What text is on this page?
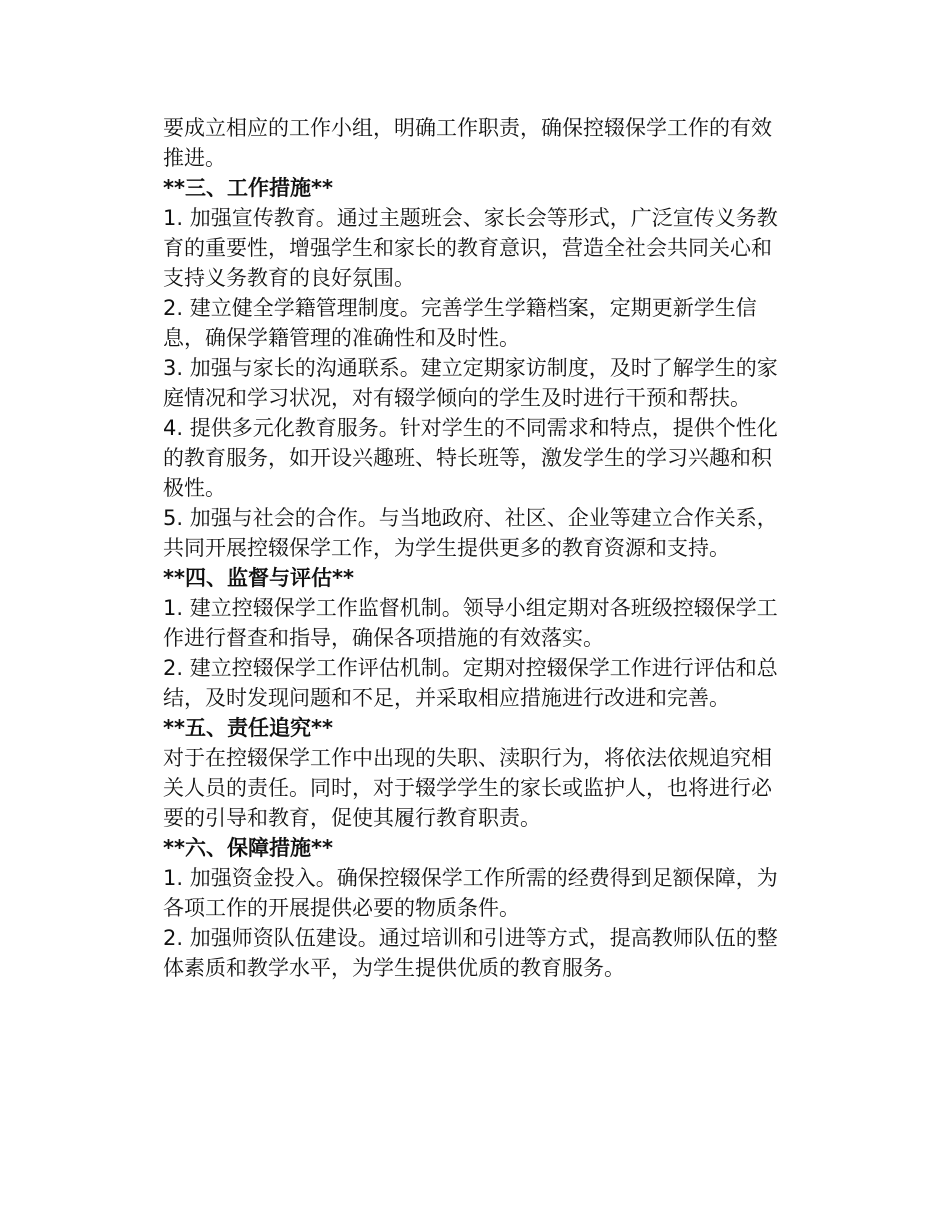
要成立相应的工作小组，明确工作职责，确保控辍保学工作的有效推进。

**三、工作措施**

1. 加强宣传教育。通过主题班会、家长会等形式，广泛宣传义务教育的重要性，增强学生和家长的教育意识，营造全社会共同关心和支持义务教育的良好氛围。

2. 建立健全学籍管理制度。完善学生学籍档案，定期更新学生信息，确保学籍管理的准确性和及时性。

3. 加强与家长的沟通联系。建立定期家访制度，及时了解学生的家庭情况和学习状况，对有辍学倾向的学生及时进行干预和帮扶。

4. 提供多元化教育服务。针对学生的不同需求和特点，提供个性化的教育服务，如开设兴趣班、特长班等，激发学生的学习兴趣和积极性。

5. 加强与社会的合作。与当地政府、社区、企业等建立合作关系，共同开展控辍保学工作，为学生提供更多的教育资源和支持。

**四、监督与评估**

1. 建立控辍保学工作监督机制。领导小组定期对各班级控辍保学工作进行督查和指导，确保各项措施的有效落实。

2. 建立控辍保学工作评估机制。定期对控辍保学工作进行评估和总结，及时发现问题和不足，并采取相应措施进行改进和完善。

**五、责任追究**

对于在控辍保学工作中出现的失职、渎职行为，将依法依规追究相关人员的责任。同时，对于辍学学生的家长或监护人，也将进行必要的引导和教育，促使其履行教育职责。

**六、保障措施**

1. 加强资金投入。确保控辍保学工作所需的经费得到足额保障，为各项工作的开展提供必要的物质条件。

2. 加强师资队伍建设。通过培训和引进等方式，提高教师队伍的整体素质和教学水平，为学生提供优质的教育服务。
